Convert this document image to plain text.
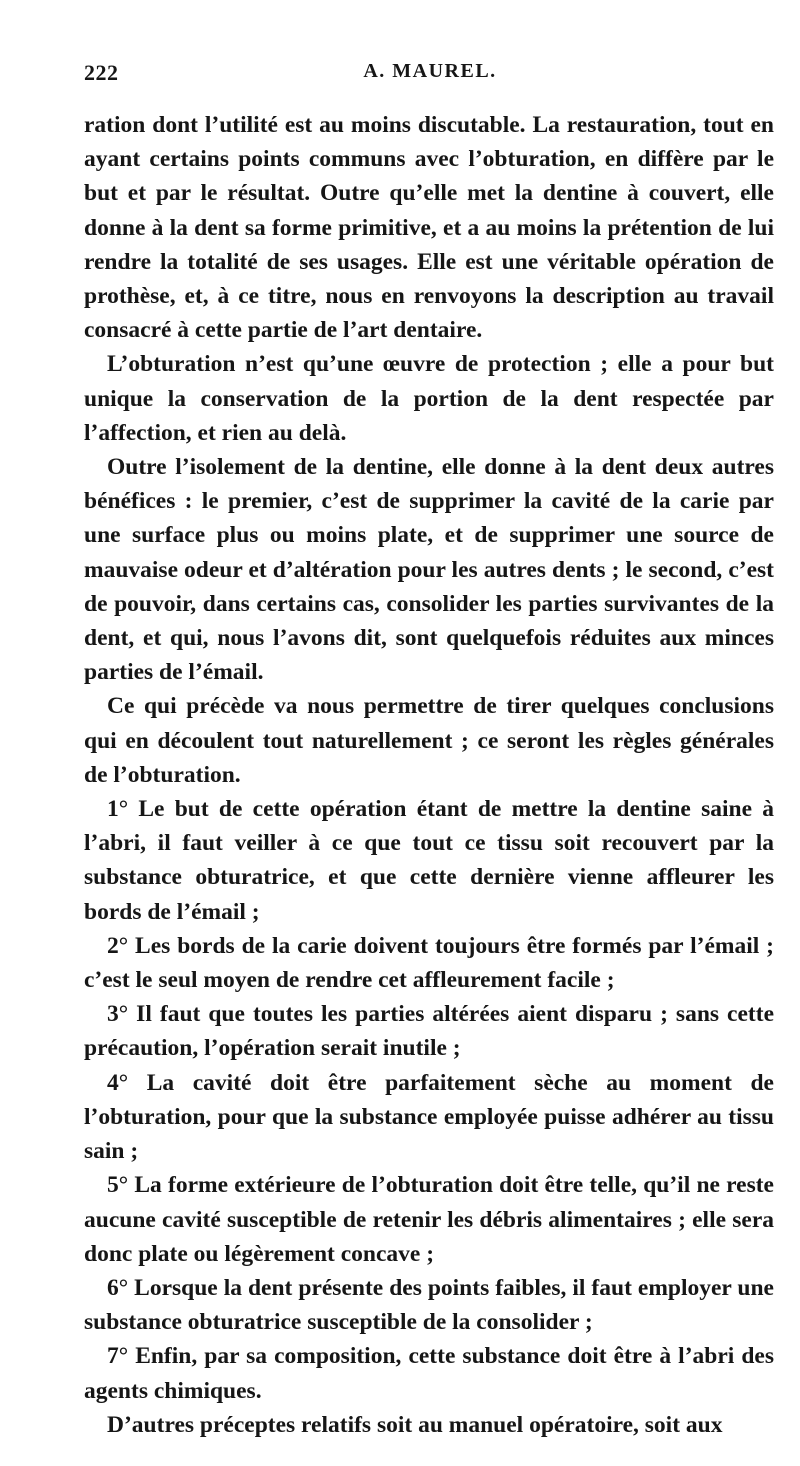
222	A. MAUREL.

ration dont l’utilité est au moins discutable. La restauration, tout en ayant certains points communs avec l’obturation, en diffère par le but et par le résultat. Outre qu’elle met la dentine à couvert, elle donne à la dent sa forme primitive, et a au moins la prétention de lui rendre la totalité de ses usages. Elle est une véritable opération de prothèse, et, à ce titre, nous en renvoyons la description au travail consacré à cette partie de l’art dentaire.

L’obturation n’est qu’une œuvre de protection ; elle a pour but unique la conservation de la portion de la dent respectée par l’affection, et rien au delà.

Outre l’isolement de la dentine, elle donne à la dent deux autres bénéfices : le premier, c’est de supprimer la cavité de la carie par une surface plus ou moins plate, et de supprimer une source de mauvaise odeur et d’altération pour les autres dents ; le second, c’est de pouvoir, dans certains cas, consolider les parties survivantes de la dent, et qui, nous l’avons dit, sont quelquefois réduites aux minces parties de l’émail.

Ce qui précède va nous permettre de tirer quelques conclusions qui en découlent tout naturellement ; ce seront les règles générales de l’obturation.

1° Le but de cette opération étant de mettre la dentine saine à l’abri, il faut veiller à ce que tout ce tissu soit recouvert par la substance obturatrice, et que cette dernière vienne affleurer les bords de l’émail ;

2° Les bords de la carie doivent toujours être formés par l’émail ; c’est le seul moyen de rendre cet affleurement facile ;

3° Il faut que toutes les parties altérées aient disparu ; sans cette précaution, l’opération serait inutile ;

4° La cavité doit être parfaitement sèche au moment de l’obturation, pour que la substance employée puisse adhérer au tissu sain ;

5° La forme extérieure de l’obturation doit être telle, qu’il ne reste aucune cavité susceptible de retenir les débris alimentaires ; elle sera donc plate ou légèrement concave ;

6° Lorsque la dent présente des points faibles, il faut employer une substance obturatrice susceptible de la consolider ;

7° Enfin, par sa composition, cette substance doit être à l’abri des agents chimiques.

D’autres préceptes relatifs soit au manuel opératoire, soit aux
